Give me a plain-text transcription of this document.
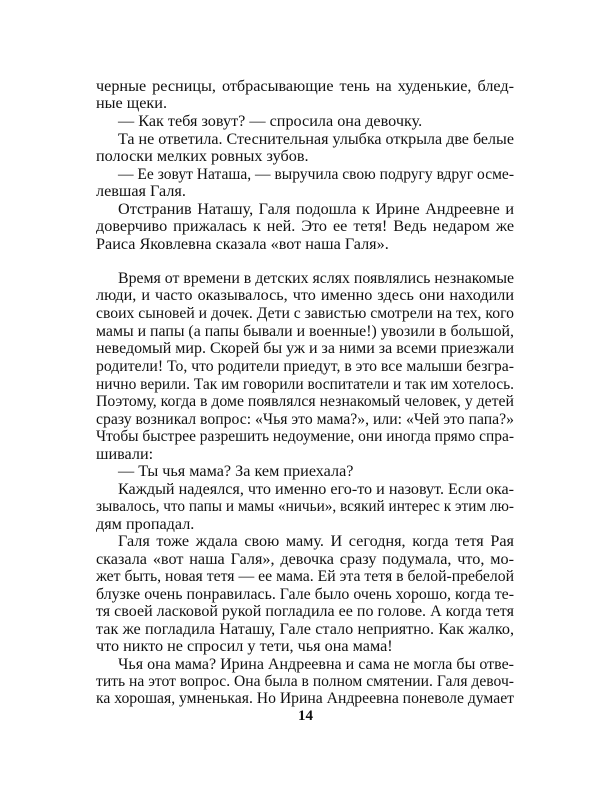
черные ресницы, отбрасывающие тень на худенькие, блед-
ные щеки.
— Как тебя зовут? — спросила она девочку.
Та не ответила. Стеснительная улыбка открыла две белые
полоски мелких ровных зубов.
— Ее зовут Наташа, — выручила свою подругу вдруг осме-
левшая Галя.
Отстранив Наташу, Галя подошла к Ирине Андреевне и
доверчиво прижалась к ней. Это ее тетя! Ведь недаром же
Раиса Яковлевна сказала «вот наша Галя».
Время от времени в детских яслях появлялись незнакомые
люди, и часто оказывалось, что именно здесь они находили
своих сыновей и дочек. Дети с завистью смотрели на тех, кого
мамы и папы (а папы бывали и военные!) увозили в большой,
неведомый мир. Скорей бы уж и за ними за всеми приезжали
родители! То, что родители приедут, в это все малыши безгра-
нично верили. Так им говорили воспитатели и так им хотелось.
Поэтому, когда в доме появлялся незнакомый человек, у детей
сразу возникал вопрос: «Чья это мама?», или: «Чей это папа?»
Чтобы быстрее разрешить недоумение, они иногда прямо спра-
шивали:
— Ты чья мама? За кем приехала?
Каждый надеялся, что именно его-то и назовут. Если ока-
зывалось, что папы и мамы «ничьи», всякий интерес к этим лю-
дям пропадал.
Галя тоже ждала свою маму. И сегодня, когда тетя Рая
сказала «вот наша Галя», девочка сразу подумала, что, мо-
жет быть, новая тетя — ее мама. Ей эта тетя в белой-пребелой
блузке очень понравилась. Гале было очень хорошо, когда те-
тя своей ласковой рукой погладила ее по голове. А когда тетя
так же погладила Наташу, Гале стало неприятно. Как жалко,
что никто не спросил у тети, чья она мама!
Чья она мама? Ирина Андреевна и сама не могла бы отве-
тить на этот вопрос. Она была в полном смятении. Галя девоч-
ка хорошая, умненькая. Но Ирина Андреевна поневоле думает
14
